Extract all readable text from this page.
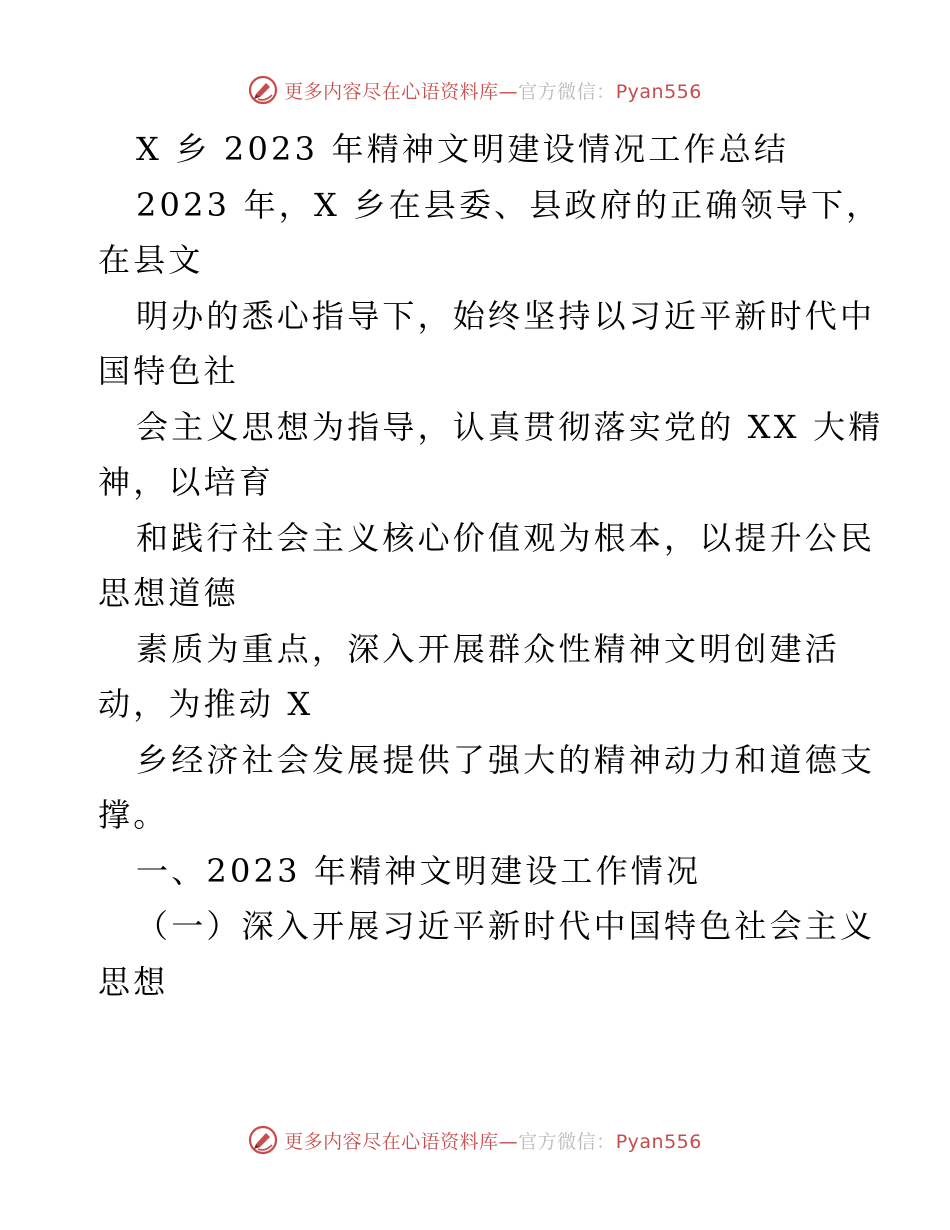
更多内容尽在心语资料库—官方微信：Pyan556
X 乡 2023 年精神文明建设情况工作总结
2023 年，X 乡在县委、县政府的正确领导下，
在县文
明办的悉心指导下，始终坚持以习近平新时代中
国特色社
会主义思想为指导，认真贯彻落实党的 XX 大精
神，以培育
和践行社会主义核心价值观为根本，以提升公民
思想道德
素质为重点，深入开展群众性精神文明创建活
动，为推动 X
乡经济社会发展提供了强大的精神动力和道德支
撑。
一、2023 年精神文明建设工作情况
（一）深入开展习近平新时代中国特色社会主义
思想
更多内容尽在心语资料库—官方微信：Pyan556
